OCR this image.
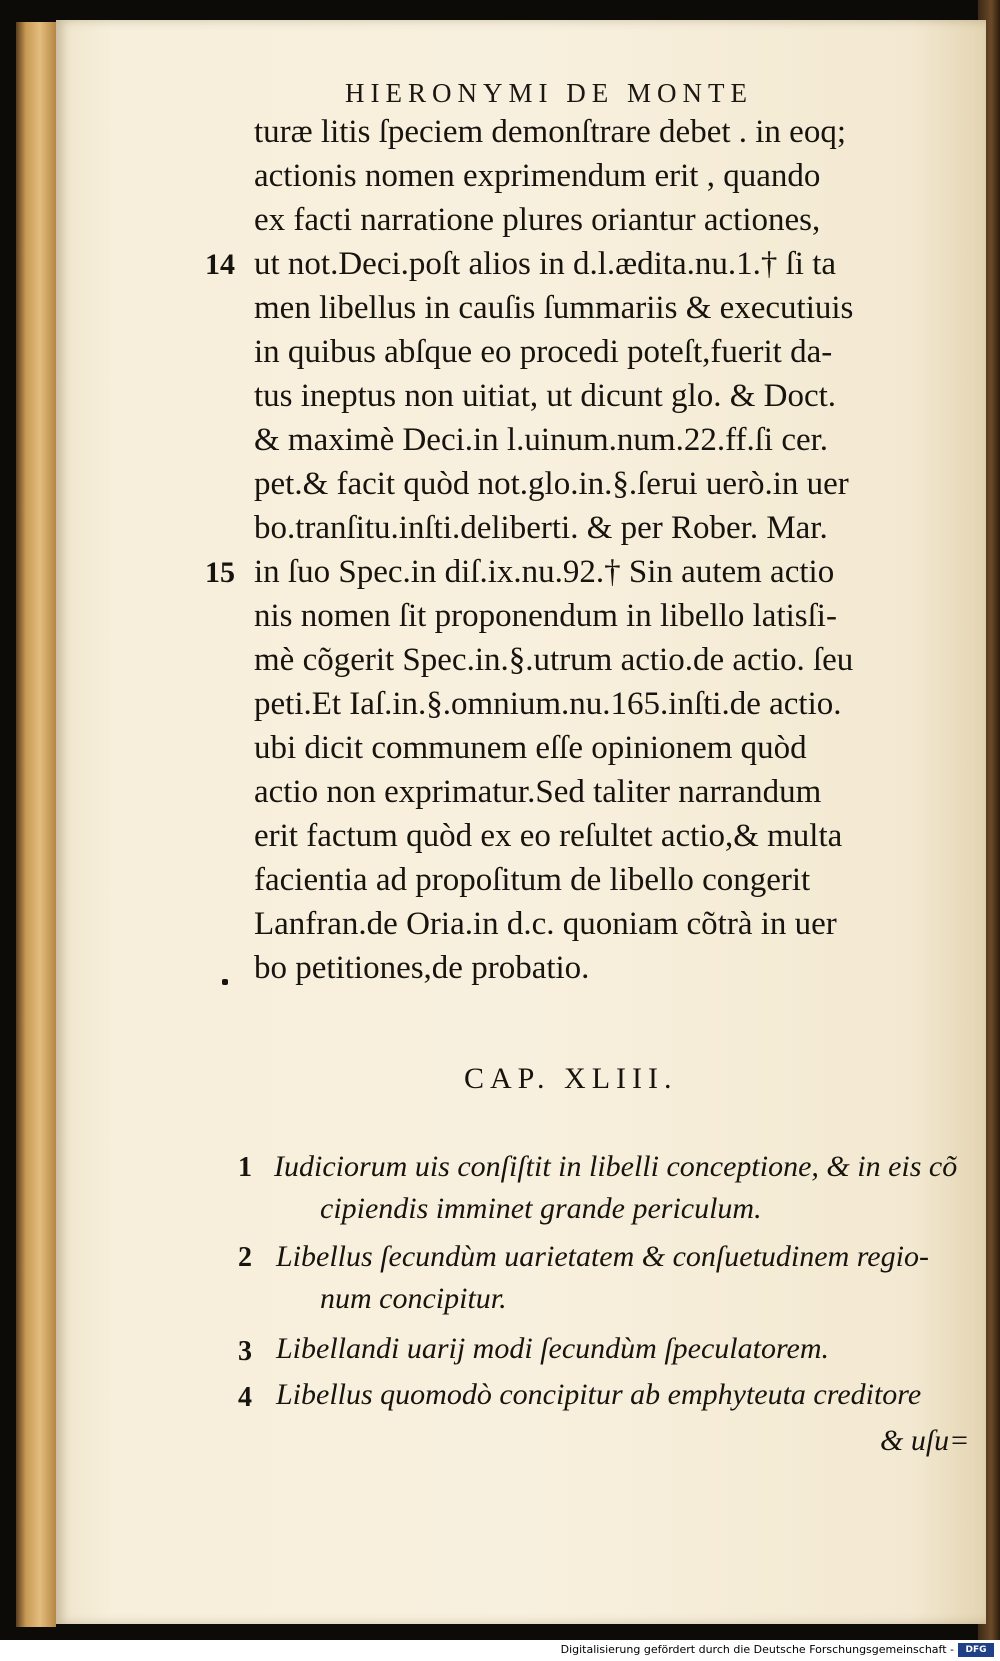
HIERONYMI DE MONTE
turæ litis ſpeciem demonſtrare debet . in eoq;
actionis nomen exprimendum erit , quando
ex facti narratione plures oriantur actiones,
14 ut not.Deci.poſt alios in d.l.ædita.nu.1.† ſi ta
men libellus in cauſis ſummariis & executiuis
in quibus abſque eo procedi poteſt,fuerit da-
tus ineptus non uitiat, ut dicunt glo. & Doct.
& maximè Deci.in l.uinum.num.22.ff.ſi cer.
pet.& facit quòd not.glo.in.§.ſerui uerò.in uer
bo.tranſitu.inſti.deliberti. & per Rober. Mar.
15 in ſuo Spec.in diſ.ix.nu.92.† Sin autem actio
nis nomen ſit proponendum in libello latisſi-
mè cõgerit Spec.in.§.utrum actio.de actio. ſeu
peti.Et Iaſ.in.§.omnium.nu.165.inſti.de actio.
ubi dicit communem eſſe opinionem quòd
actio non exprimatur.Sed taliter narrandum
erit factum quòd ex eo reſultet actio,& multa
facientia ad propoſitum de libello congerit
Lanfran.de Oria.in d.c. quoniam cõtrà in uer
bo petitiones,de probatio.
CAP. XLIII.
1 Iudiciorum uis conſiſtit in libelli conceptione, & in eis cõ
cipiendis imminet grande periculum.
2 Libellus ſecundùm uarietatem & conſuetudinem regio-
num concipitur.
3 Libellandi uarij modi ſecundùm ſpeculatorem.
4 Libellus quomodò concipitur ab emphyteuta creditore
& uſu=
Digitalisierung gefördert durch die Deutsche Forschungsgemeinschaft -	DFG
